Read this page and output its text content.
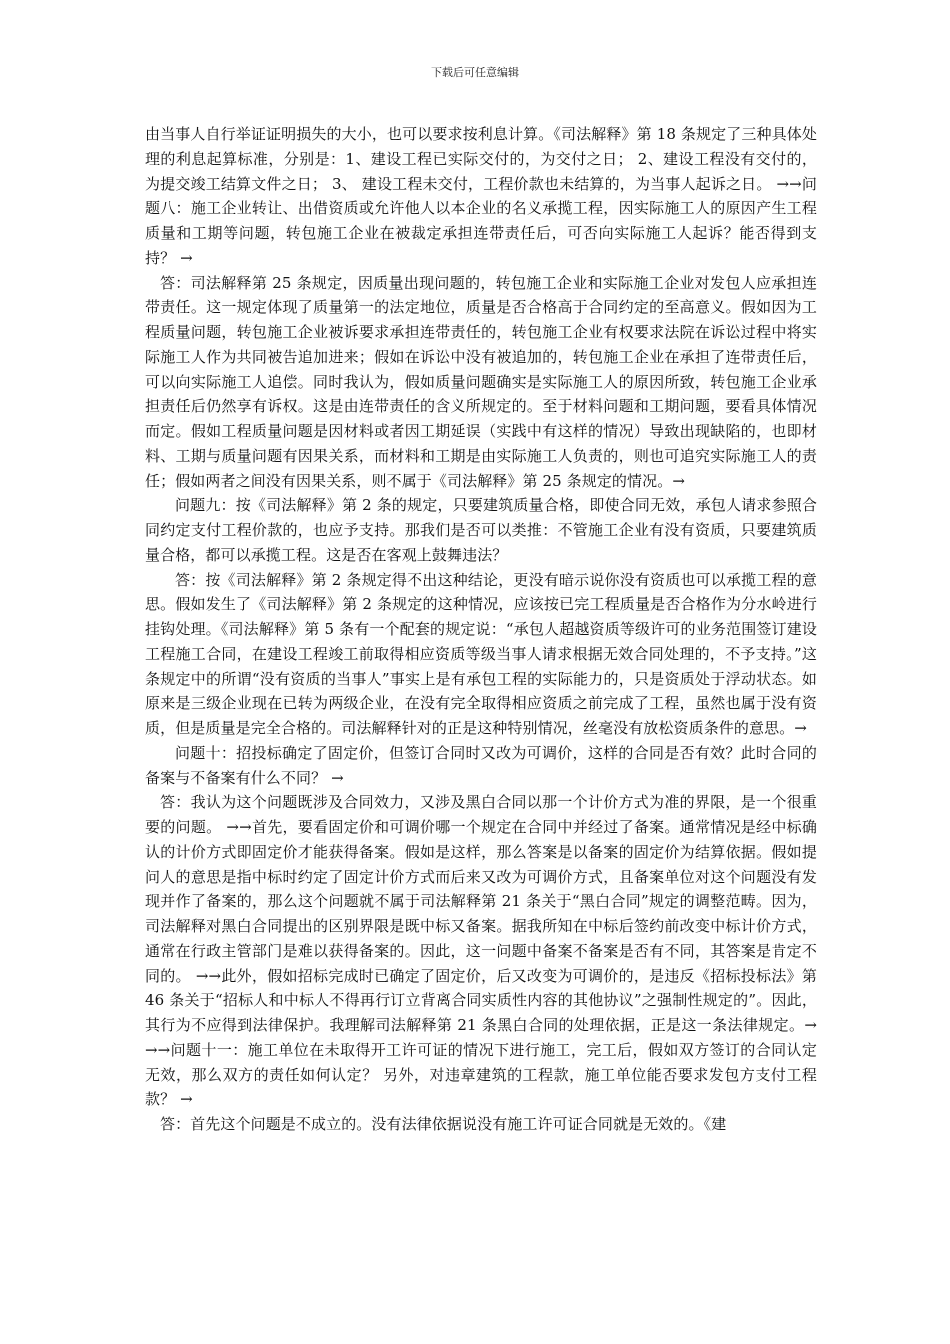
下载后可任意编辑

由当事人自行举证证明损失的大小，也可以要求按利息计算。《司法解释》第 18 条规定了三种具体处理的利息起算标准，分别是：1、建设工程已实际交付的，为交付之日； 2、建设工程没有交付的，为提交竣工结算文件之日； 3、 建设工程未交付，工程价款也未结算的，为当事人起诉之日。 →→问题八：施工企业转让、出借资质或允许他人以本企业的名义承揽工程，因实际施工人的原因产生工程质量和工期等问题，转包施工企业在被裁定承担连带责任后，可否向实际施工人起诉？能否得到支持？ →

答：司法解释第 25 条规定，因质量出现问题的，转包施工企业和实际施工企业对发包人应承担连带责任。这一规定体现了质量第一的法定地位，质量是否合格高于合同约定的至高意义。假如因为工程质量问题，转包施工企业被诉要求承担连带责任的，转包施工企业有权要求法院在诉讼过程中将实际施工人作为共同被告追加进来；假如在诉讼中没有被追加的，转包施工企业在承担了连带责任后，可以向实际施工人追偿。同时我认为，假如质量问题确实是实际施工人的原因所致，转包施工企业承担责任后仍然享有诉权。这是由连带责任的含义所规定的。至于材料问题和工期问题，要看具体情况而定。假如工程质量问题是因材料或者因工期延误（实践中有这样的情况）导致出现缺陷的，也即材料、工期与质量问题有因果关系，而材料和工期是由实际施工人负责的，则也可追究实际施工人的责任；假如两者之间没有因果关系，则不属于《司法解释》第 25 条规定的情况。→

问题九：按《司法解释》第 2 条的规定，只要建筑质量合格，即使合同无效，承包人请求参照合同约定支付工程价款的，也应予支持。那我们是否可以类推：不管施工企业有没有资质，只要建筑质量合格，都可以承揽工程。这是否在客观上鼓舞违法？

答：按《司法解释》第 2 条规定得不出这种结论，更没有暗示说你没有资质也可以承揽工程的意思。假如发生了《司法解释》第 2 条规定的这种情况，应该按已完工程质量是否合格作为分水岭进行挂钩处理。《司法解释》第 5 条有一个配套的规定说：“承包人超越资质等级许可的业务范围签订建设工程施工合同，在建设工程竣工前取得相应资质等级当事人请求根据无效合同处理的，不予支持。”这条规定中的所谓“没有资质的当事人”事实上是有承包工程的实际能力的，只是资质处于浮动状态。如原来是三级企业现在已转为两级企业，在没有完全取得相应资质之前完成了工程，虽然也属于没有资质，但是质量是完全合格的。司法解释针对的正是这种特别情况，丝毫没有放松资质条件的意思。→

问题十：招投标确定了固定价，但签订合同时又改为可调价，这样的合同是否有效？此时合同的备案与不备案有什么不同？ →

答：我认为这个问题既涉及合同效力，又涉及黑白合同以那一个计价方式为准的界限，是一个很重要的问题。 →→首先，要看固定价和可调价哪一个规定在合同中并经过了备案。通常情况是经中标确认的计价方式即固定价才能获得备案。假如是这样，那么答案是以备案的固定价为结算依据。假如提问人的意思是指中标时约定了固定计价方式而后来又改为可调价方式，且备案单位对这个问题没有发现并作了备案的，那么这个问题就不属于司法解释第 21 条关于“黑白合同”规定的调整范畴。因为，司法解释对黑白合同提出的区别界限是既中标又备案。据我所知在中标后签约前改变中标计价方式，通常在行政主管部门是难以获得备案的。因此，这一问题中备案不备案是否有不同，其答案是肯定不同的。 →→此外，假如招标完成时已确定了固定价，后又改变为可调价的，是违反《招标投标法》第46 条关于“招标人和中标人不得再行订立背离合同实质性内容的其他协议”之强制性规定的”。因此，其行为不应得到法律保护。我理解司法解释第 21 条黑白合同的处理依据，正是这一条法律规定。→ →→问题十一：施工单位在未取得开工许可证的情况下进行施工，完工后，假如双方签订的合同认定无效，那么双方的责任如何认定？ 另外，对违章建筑的工程款，施工单位能否要求发包方支付工程款？ →

答：首先这个问题是不成立的。没有法律依据说没有施工许可证合同就是无效的。《建
